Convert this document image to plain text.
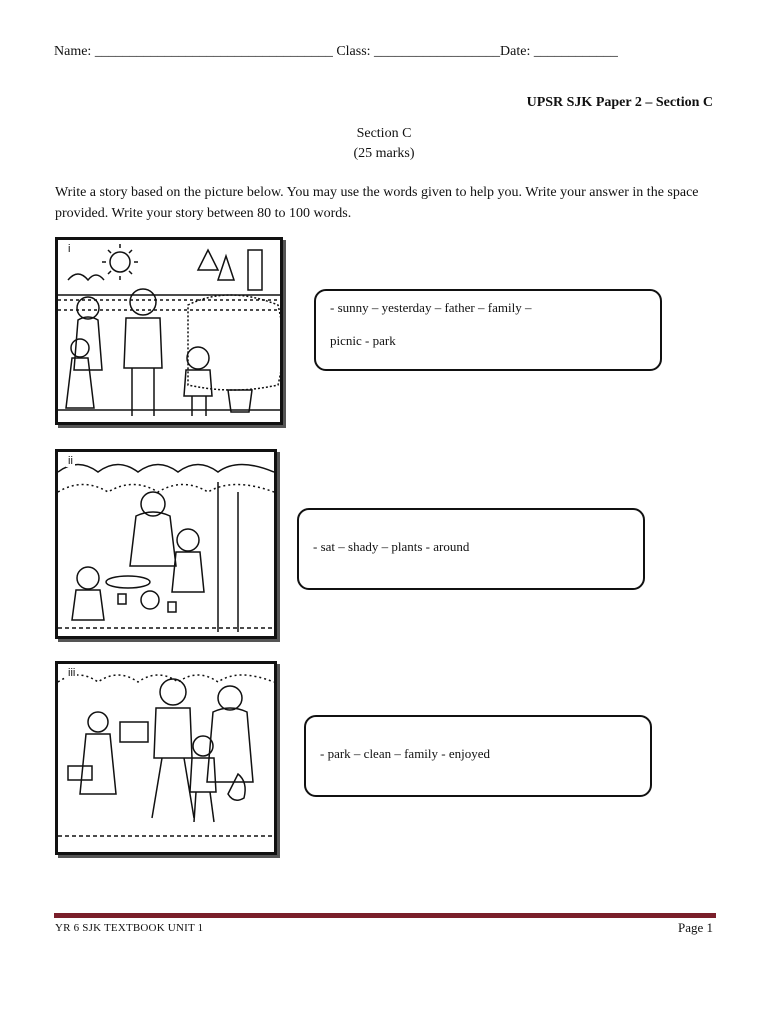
Name: __________________________________ Class: __________________Date: ____________
UPSR SJK Paper 2 – Section C
Section C
(25 marks)
Write a story based on the picture below. You may use the words given to help you. Write your answer in the space provided. Write your story between 80 to 100 words.
i
- sunny – yesterday – father – family –
picnic - park
ii
- sat – shady – plants - around
iii
- park – clean – family - enjoyed
YR 6 SJK TEXTBOOK UNIT 1	Page 1
